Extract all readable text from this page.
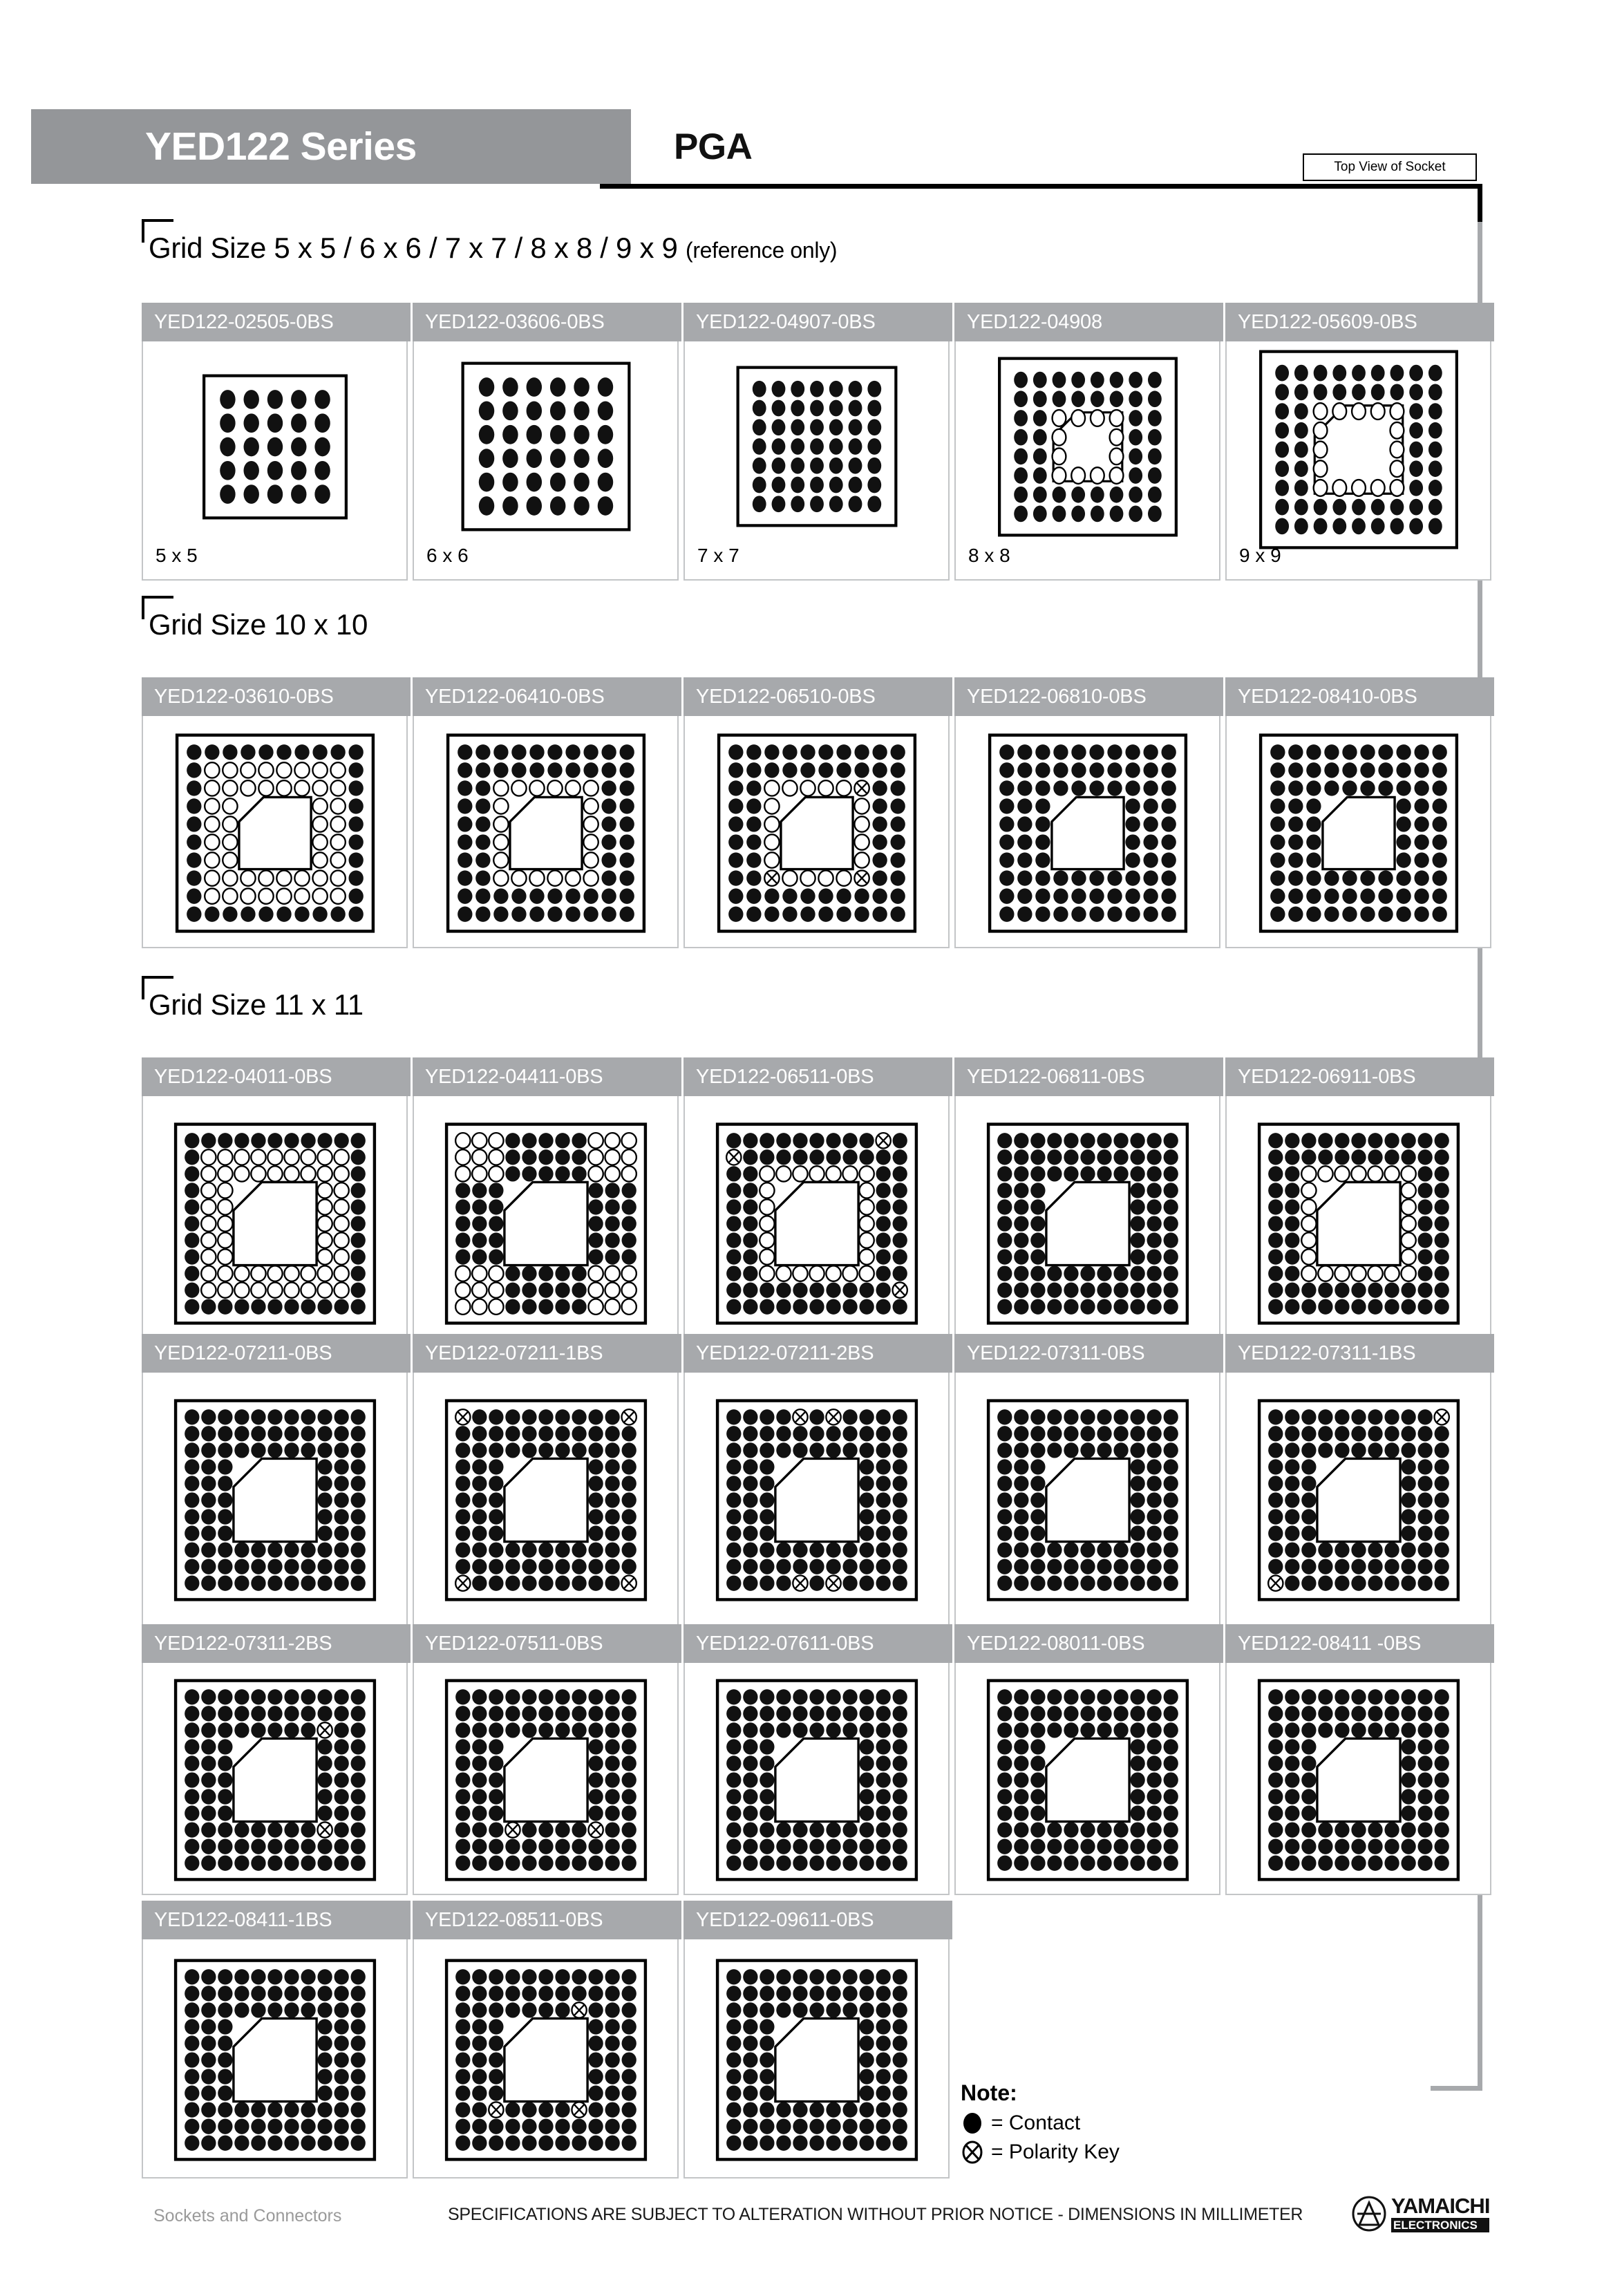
YED122 Series	PGA	Top View of Socket
Grid Size 5 x 5 / 6 x 6 / 7 x 7 / 8 x 8 / 9 x 9 (reference only)
YED122-02505-0BS
5 x 5
YED122-03606-0BS
6 x 6
YED122-04907-0BS
7 x 7
YED122-04908
8 x 8
YED122-05609-0BS
9 x 9
Grid Size 10 x 10
YED122-03610-0BS	YED122-06410-0BS	YED122-06510-0BS	YED122-06810-0BS	YED122-08410-0BS
Grid Size 11 x 11
YED122-04011-0BS	YED122-04411-0BS	YED122-06511-0BS	YED122-06811-0BS	YED122-06911-0BS
YED122-07211-0BS	YED122-07211-1BS	YED122-07211-2BS	YED122-07311-0BS	YED122-07311-1BS
YED122-07311-2BS	YED122-07511-0BS	YED122-07611-0BS	YED122-08011-0BS	YED122-08411 -0BS
YED122-08411-1BS	YED122-08511-0BS	YED122-09611-0BS
Note:
= Contact
= Polarity Key
Sockets and Connectors	SPECIFICATIONS ARE SUBJECT TO ALTERATION WITHOUT PRIOR NOTICE - DIMENSIONS IN MILLIMETER	YAMAICHI
ELECTRONICS
